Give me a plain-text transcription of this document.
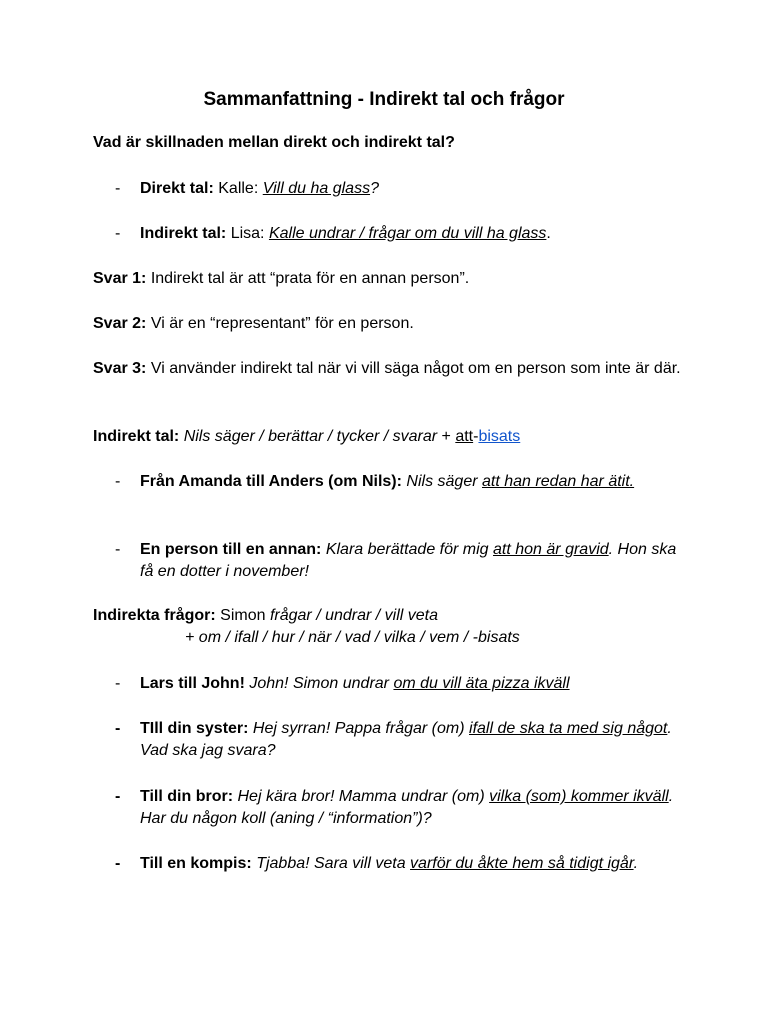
Sammanfattning - Indirekt tal och frågor
Vad är skillnaden mellan direkt och indirekt tal?
-	Direkt tal: Kalle: Vill du ha glass?
-	Indirekt tal: Lisa: Kalle undrar / frågar om du vill ha glass.
Svar 1: Indirekt tal är att “prata för en annan person”.
Svar 2: Vi är en “representant” för en person.
Svar 3: Vi använder indirekt tal när vi vill säga något om en person som inte är där.
Indirekt tal: Nils säger / berättar / tycker / svarar + att-bisats
-	Från Amanda till Anders (om Nils): Nils säger att han redan har ätit.
-	En person till en annan: Klara berättade för mig att hon är gravid. Hon ska få en dotter i november!
Indirekta frågor: Simon frågar / undrar / vill veta
+ om / ifall / hur / när / vad / vilka / vem / -bisats
-	Lars till John! John! Simon undrar om du vill äta pizza ikväll
-	TIll din syster: Hej syrran! Pappa frågar (om) ifall de ska ta med sig något. Vad ska jag svara?
-	Till din bror: Hej kära bror! Mamma undrar (om) vilka (som) kommer ikväll. Har du någon koll (aning / “information”)?
-	Till en kompis: Tjabba! Sara vill veta varför du åkte hem så tidigt igår.
